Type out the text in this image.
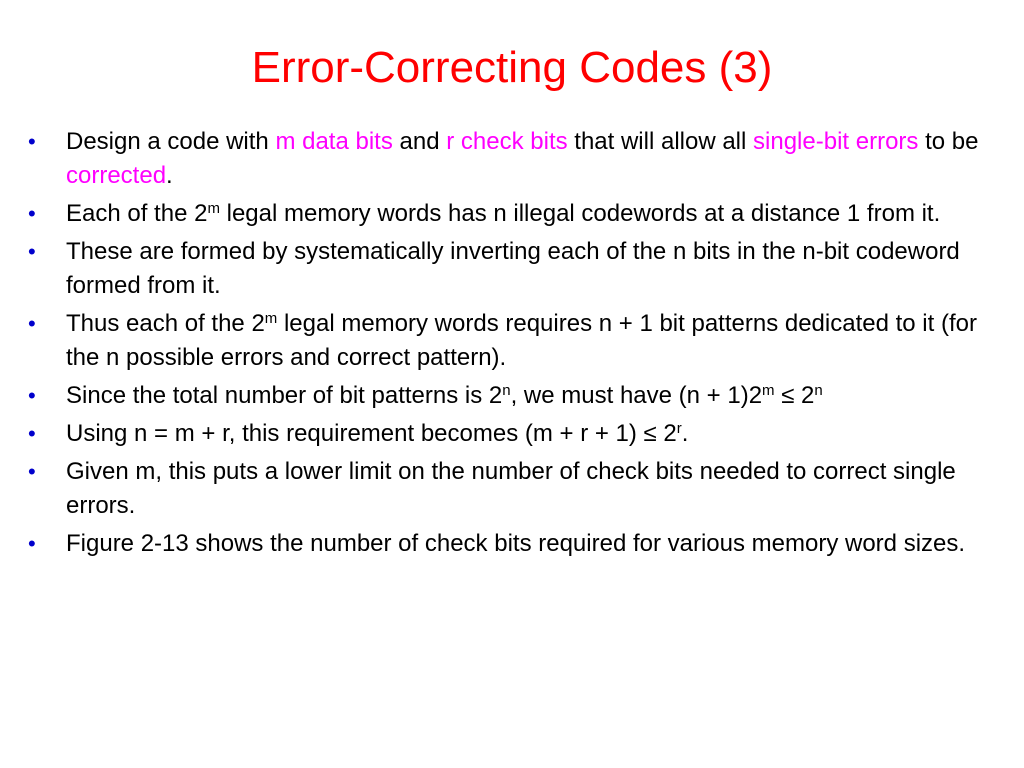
Error-Correcting Codes (3)
•	Design a code with m data bits and r check bits that will allow all single-bit errors to be corrected.
•	Each of the 2$^m$ legal memory words has n illegal codewords at a distance 1 from it.
•	These are formed by systematically inverting each of the n bits in the n-bit codeword formed from it.
•	Thus each of the 2$^m$ legal memory words requires n + 1 bit patterns dedicated to it (for the n possible errors and correct pattern).
•	Since the total number of bit patterns is 2$^n$, we must have $(n + 1)2^m \le 2^n$
•	Using n = m + r, this requirement becomes $(m + r + 1) \le 2^r$.
•	Given m, this puts a lower limit on the number of check bits needed to correct single errors.
•	Figure 2-13 shows the number of check bits required for various memory word sizes.
